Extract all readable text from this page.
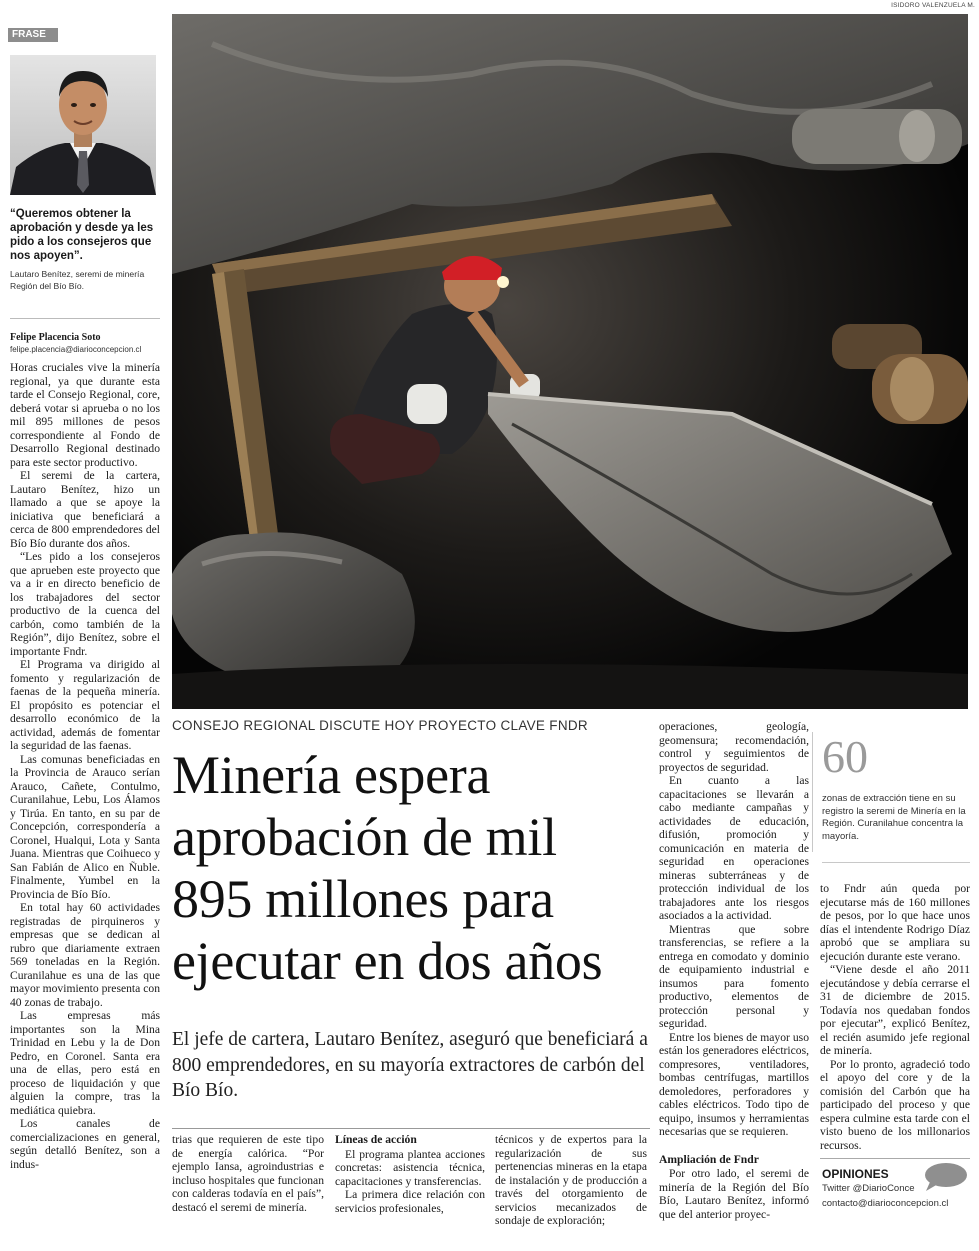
FRASE
“Queremos obtener la aprobación y desde ya les pido a los consejeros que nos apoyen”.
Lautaro Benítez, seremi de minería Región del Bío Bío.
Felipe Placencia Soto
felipe.placencia@diarioconcepcion.cl

Horas cruciales vive la minería regional, ya que durante esta tarde el Consejo Regional, core, deberá votar si aprueba o no los mil 895 millones de pesos correspondiente al Fondo de Desarrollo Regional destinado para este sector productivo.

El seremi de la cartera, Lautaro Benítez, hizo un llamado a que se apoye la iniciativa que beneficiará a cerca de 800 emprendedores del Bío Bío durante dos años.

“Les pido a los consejeros que aprueben este proyecto que va a ir en directo beneficio de los trabajadores del sector productivo de la cuenca del carbón, como también de la Región”, dijo Benítez, sobre el importante Fndr.

El Programa va dirigido al fomento y regularización de faenas de la pequeña minería. El propósito es potenciar el desarrollo económico de la actividad, además de fomentar la seguridad de las faenas.

Las comunas beneficiadas en la Provincia de Arauco serían Arauco, Cañete, Contulmo, Curanilahue, Lebu, Los Álamos y Tirúa. En tanto, en su par de Concepción, correspondería a Coronel, Hualqui, Lota y Santa Juana. Mientras que Coihueco y San Fabián de Alico en Ñuble. Finalmente, Yumbel en la Provincia de Bío Bío.

En total hay 60 actividades registradas de pirquineros y empresas que se dedican al rubro que diariamente extraen 569 toneladas en la Región. Curanilahue es una de las que mayor movimiento presenta con 40 zonas de trabajo.

Las empresas más importantes son la Mina Trinidad en Lebu y la de Don Pedro, en Coronel. Santa era una de ellas, pero está en proceso de liquidación y que alguien la compre, tras la mediática quiebra.

Los canales de comercializaciones en general, según detalló Benítez, son a indus-

ISIDORO VALENZUELA M.
CONSEJO REGIONAL DISCUTE HOY PROYECTO CLAVE FNDR
Minería espera
aprobación de mil
895 millones para
ejecutar en dos años
El jefe de cartera, Lautaro Benítez, aseguró que beneficiará a 800 emprendedores, en su mayoría extractores de carbón del Bío Bío.

trias que requieren de este tipo de energía calórica. “Por ejemplo Iansa, agroindustrias e incluso hospitales que funcionan con calderas todavía en el país”, destacó el seremi de minería.

Líneas de acción

El programa plantea acciones concretas: asistencia técnica, capacitaciones y transferencias.

La primera dice relación con servicios profesionales,

técnicos y de expertos para la regularización de sus pertenencias mineras en la etapa de instalación y de producción a través del otorgamiento de servicios mecanizados de sondaje de exploración;

operaciones, geología, geomensura; recomendación, control y seguimientos de proyectos de seguridad.

En cuanto a las capacitaciones se llevarán a cabo mediante campañas y actividades de educación, difusión, promoción y comunicación en materia de seguridad en operaciones mineras subterráneas y de protección individual de los trabajadores ante los riesgos asociados a la actividad.

Mientras que sobre transferencias, se refiere a la entrega en comodato y dominio de equipamiento industrial e insumos para fomento productivo, elementos de protección personal y seguridad.

Entre los bienes de mayor uso están los generadores eléctricos, compresores, ventiladores, bombas centrífugas, martillos demoledores, perforadores y cables eléctricos. Todo tipo de equipo, insumos y herramientas necesarias que se requieren.

Ampliación de Fndr

Por otro lado, el seremi de minería de la Región del Bío Bío, Lautaro Benítez, informó que del anterior proyec-

60
zonas de extracción tiene en su registro la seremi de Minería en la Región. Curanilahue concentra la mayoría.

to Fndr aún queda por ejecutarse más de 160 millones de pesos, por lo que hace unos días el intendente Rodrigo Díaz aprobó que se ampliara su ejecución durante este verano.

“Viene desde el año 2011 ejecutándose y debía cerrarse el 31 de diciembre de 2015. Todavía nos quedaban fondos por ejecutar”, explicó Benítez, el recién asumido jefe regional de minería.

Por lo pronto, agradeció todo el apoyo del core y de la comisión del Carbón que ha participado del proceso y que espera culmine esta tarde con el visto bueno de los millonarios recursos.

OPINIONES
Twitter @DiarioConce
contacto@diarioconcepcion.cl
